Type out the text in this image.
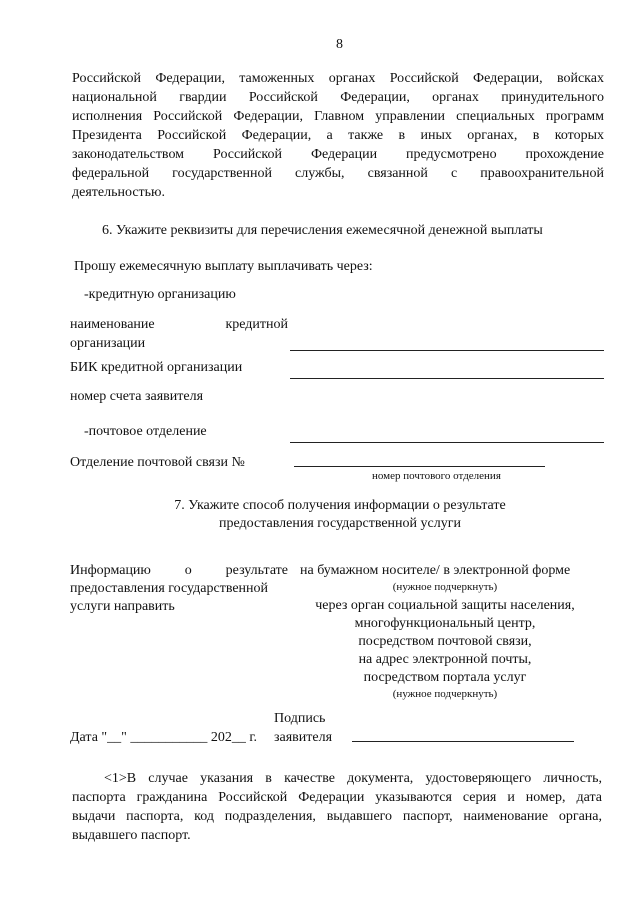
8
Российской Федерации, таможенных органах Российской Федерации, войсках
национальной гвардии Российской Федерации, органах принудительного
исполнения Российской Федерации, Главном управлении специальных программ
Президента Российской Федерации, а также в иных органах, в которых
законодательством Российской Федерации предусмотрено прохождение
федеральной государственной службы, связанной с правоохранительной
деятельностью.
6. Укажите реквизиты для перечисления ежемесячной денежной выплаты
Прошу ежемесячную выплату выплачивать через:
-кредитную организацию
наименование кредитной
организации
БИК кредитной организации
номер счета заявителя
-почтовое отделение
Отделение почтовой связи №
номер почтового отделения
7. Укажите способ получения информации о результате
предоставления государственной услуги
Информацию о результате
предоставления государственной
услуги направить
на бумажном носителе/ в электронной форме
(нужное подчеркнуть)
через орган социальной защиты населения,
многофункциональный центр,
посредством почтовой связи,
на адрес электронной почты,
посредством портала услуг
(нужное подчеркнуть)
Подпись
Дата "__" ___________ 202__ г. заявителя
<1>В случае указания в качестве документа, удостоверяющего личность,
паспорта гражданина Российской Федерации указываются серия и номер, дата
выдачи паспорта, код подразделения, выдавшего паспорт, наименование органа,
выдавшего паспорт.
